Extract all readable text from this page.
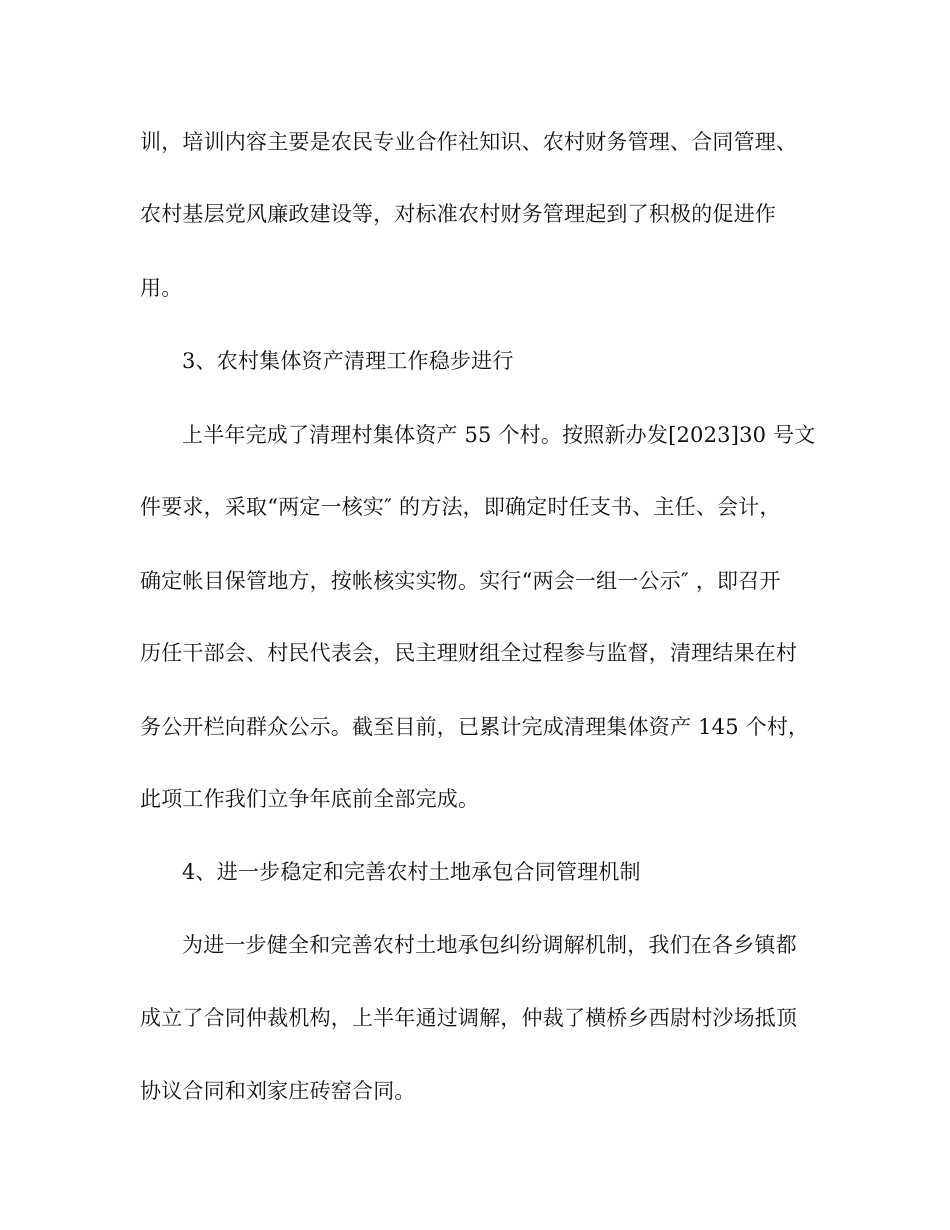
训，培训内容主要是农民专业合作社知识、农村财务管理、合同管理、
农村基层党风廉政建设等，对标准农村财务管理起到了积极的促进作
用。
3、农村集体资产清理工作稳步进行
上半年完成了清理村集体资产 55 个村。按照新办发[2023]30 号文
件要求，采取“两定一核实″ 的方法，即确定时任支书、主任、会计，
确定帐目保管地方，按帐核实实物。实行“两会一组一公示″ ，即召开
历任干部会、村民代表会，民主理财组全过程参与监督，清理结果在村
务公开栏向群众公示。截至目前，已累计完成清理集体资产 145 个村，
此项工作我们立争年底前全部完成。
4、进一步稳定和完善农村土地承包合同管理机制
为进一步健全和完善农村土地承包纠纷调解机制，我们在各乡镇都
成立了合同仲裁机构，上半年通过调解，仲裁了横桥乡西尉村沙场抵顶
协议合同和刘家庄砖窑合同。
